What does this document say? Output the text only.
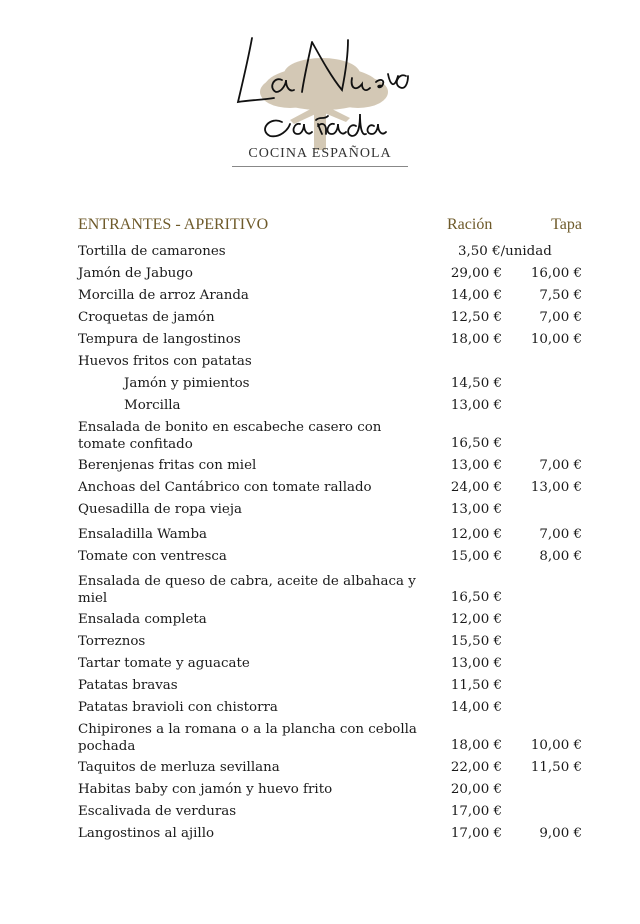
COCINA ESPAÑOLA
ENTRANTES - APERITIVO	Ración	Tapa
Tortilla de camarones	3,50 €/unidad
Jamón de Jabugo	29,00 € 16,00 €
Morcilla de arroz Aranda	14,00 €	7,50 €
Croquetas de jamón	12,50 €	7,00 €
Tempura de langostinos	18,00 € 10,00 €
Huevos fritos con patatas
Jamón y pimientos	14,50 €
Morcilla	13,00 €
Ensalada de bonito en escabeche casero con tomate confitado	16,50 €
Berenjenas fritas con miel	13,00 €	7,00 €
Anchoas del Cantábrico con tomate rallado	24,00 € 13,00 €
Quesadilla de ropa vieja	13,00 €
Ensaladilla Wamba	12,00 €	7,00 €
Tomate con ventresca	15,00 €	8,00 €
Ensalada de queso de cabra, aceite de albahaca y miel	16,50 €
Ensalada completa	12,00 €
Torreznos	15,50 €
Tartar tomate y aguacate	13,00 €
Patatas bravas	11,50 €
Patatas bravioli con chistorra	14,00 €
Chipirones a la romana o a la plancha con cebolla pochada	18,00 € 10,00 €
Taquitos de merluza sevillana	22,00 € 11,50 €
Habitas baby con jamón y huevo frito	20,00 €
Escalivada de verduras	17,00 €
Langostinos al ajillo	17,00 €	9,00 €
